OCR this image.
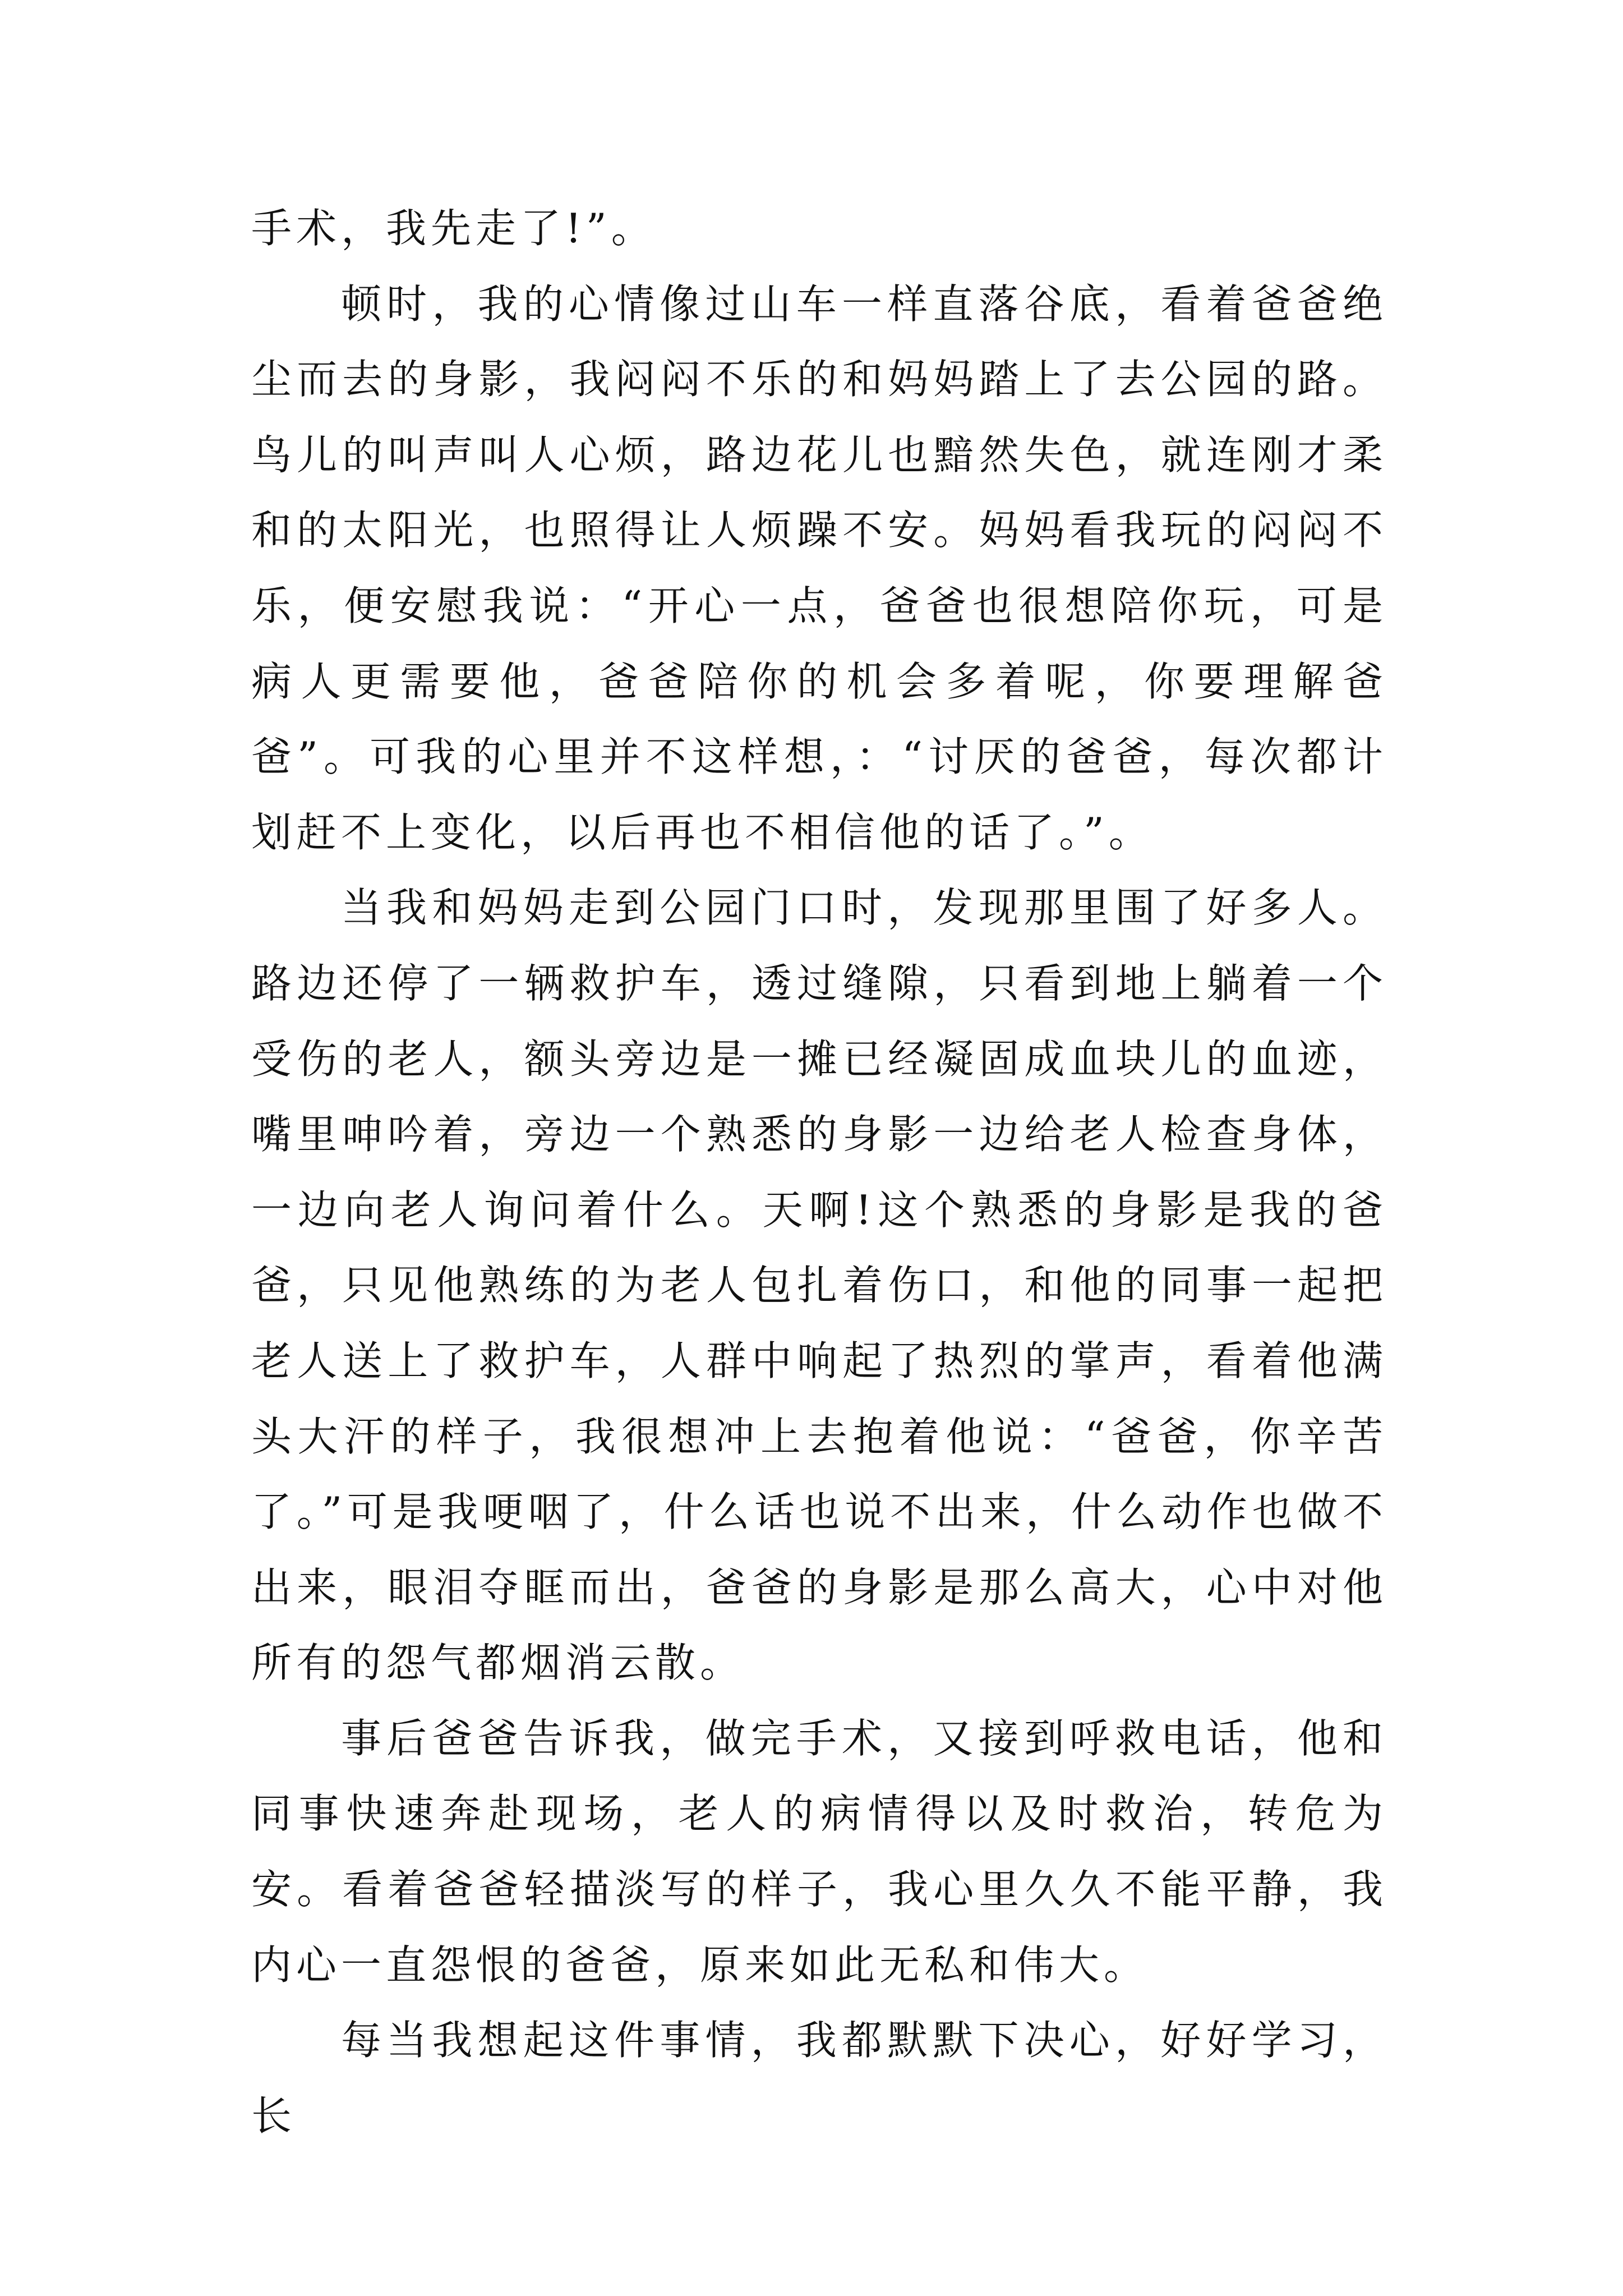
手术，我先走了!”。

顿时，我的心情像过山车一样直落谷底，看着爸爸绝尘而去的身影，我闷闷不乐的和妈妈踏上了去公园的路。鸟儿的叫声叫人心烦，路边花儿也黯然失色，就连刚才柔和的太阳光，也照得让人烦躁不安。妈妈看我玩的闷闷不乐，便安慰我说：“开心一点，爸爸也很想陪你玩，可是病人更需要他，爸爸陪你的机会多着呢，你要理解爸爸”。可我的心里并不这样想，：“讨厌的爸爸，每次都计划赶不上变化，以后再也不相信他的话了。”。

当我和妈妈走到公园门口时，发现那里围了好多人。路边还停了一辆救护车，透过缝隙，只看到地上躺着一个受伤的老人，额头旁边是一摊已经凝固成血块儿的血迹，嘴里呻吟着，旁边一个熟悉的身影一边给老人检查身体，一边向老人询问着什么。天啊!这个熟悉的身影是我的爸爸，只见他熟练的为老人包扎着伤口，和他的同事一起把老人送上了救护车，人群中响起了热烈的掌声，看着他满头大汗的样子，我很想冲上去抱着他说：“爸爸，你辛苦了。”可是我哽咽了，什么话也说不出来，什么动作也做不出来，眼泪夺眶而出，爸爸的身影是那么高大，心中对他所有的怨气都烟消云散。

事后爸爸告诉我，做完手术，又接到呼救电话，他和同事快速奔赴现场，老人的病情得以及时救治，转危为安。看着爸爸轻描淡写的样子，我心里久久不能平静，我内心一直怨恨的爸爸，原来如此无私和伟大。

每当我想起这件事情，我都默默下决心，好好学习，长
